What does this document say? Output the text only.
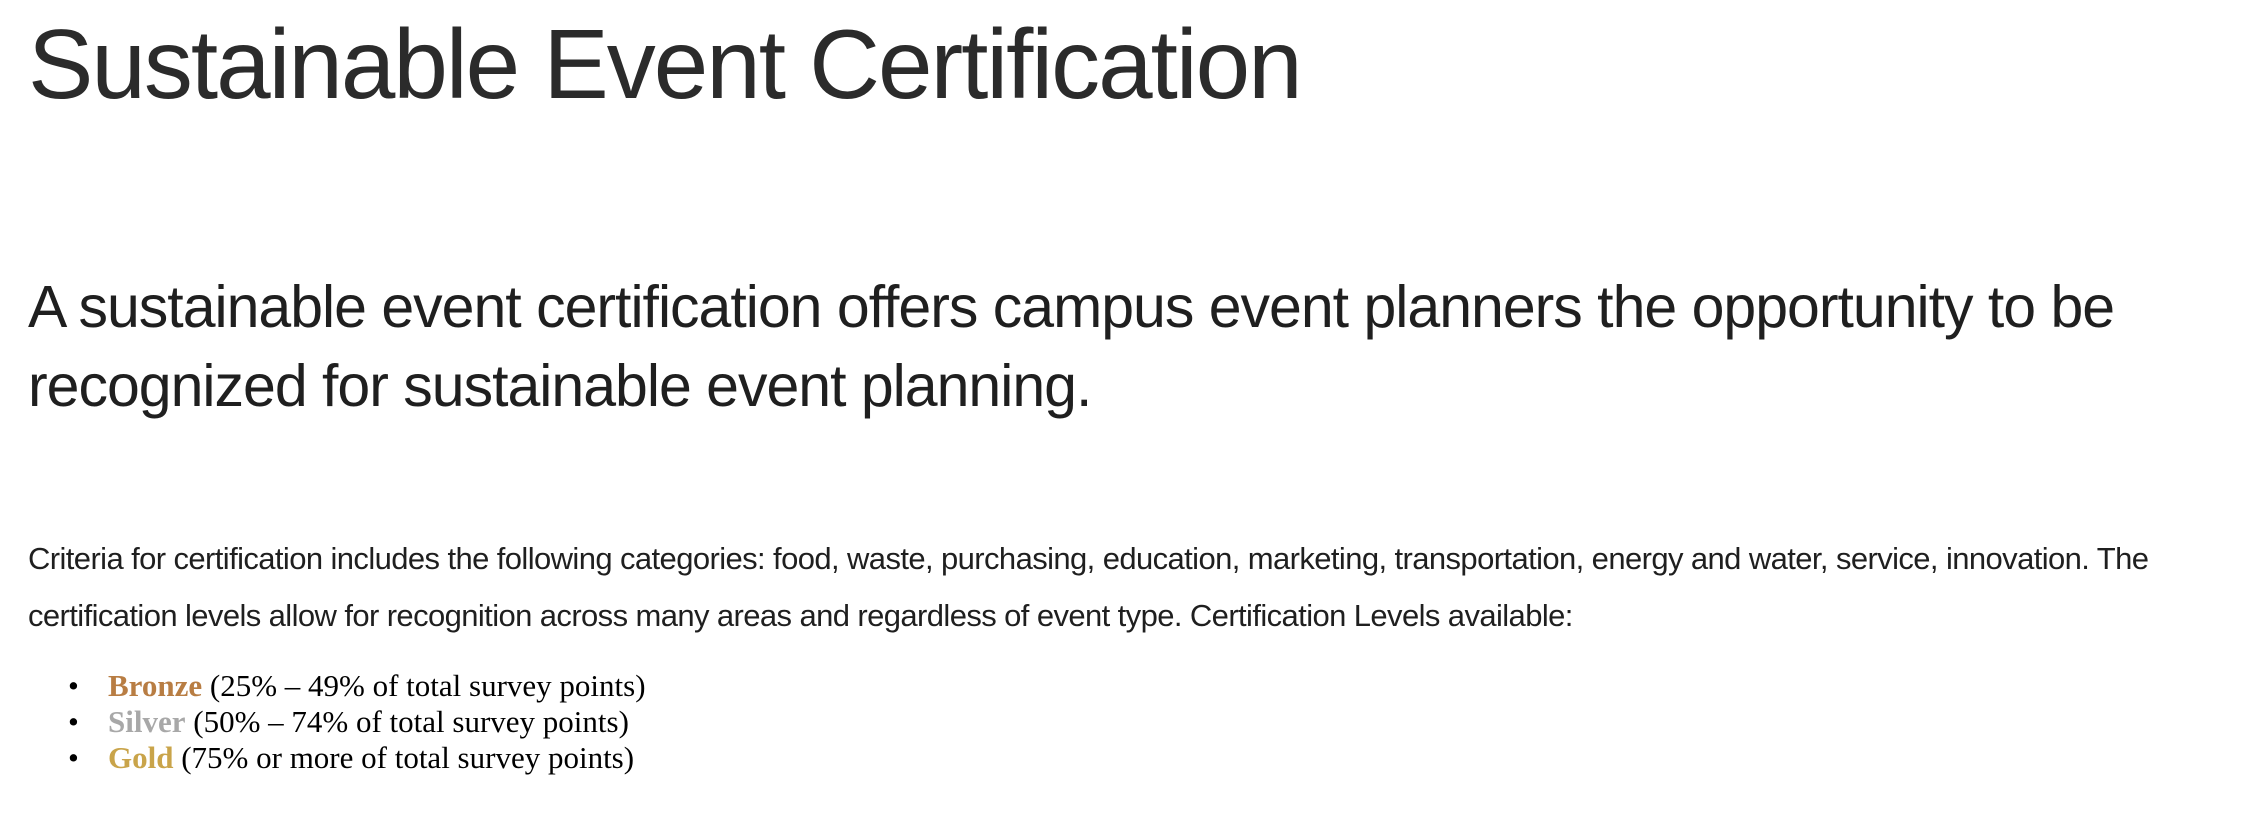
Sustainable Event Certification

A sustainable event certification offers campus event planners the opportunity to be recognized for sustainable event planning.

Criteria for certification includes the following categories: food, waste, purchasing, education, marketing, transportation, energy and water, service, innovation. The certification levels allow for recognition across many areas and regardless of event type. Certification Levels available:

• Bronze (25% – 49% of total survey points)
• Silver (50% – 74% of total survey points)
• Gold (75% or more of total survey points)
